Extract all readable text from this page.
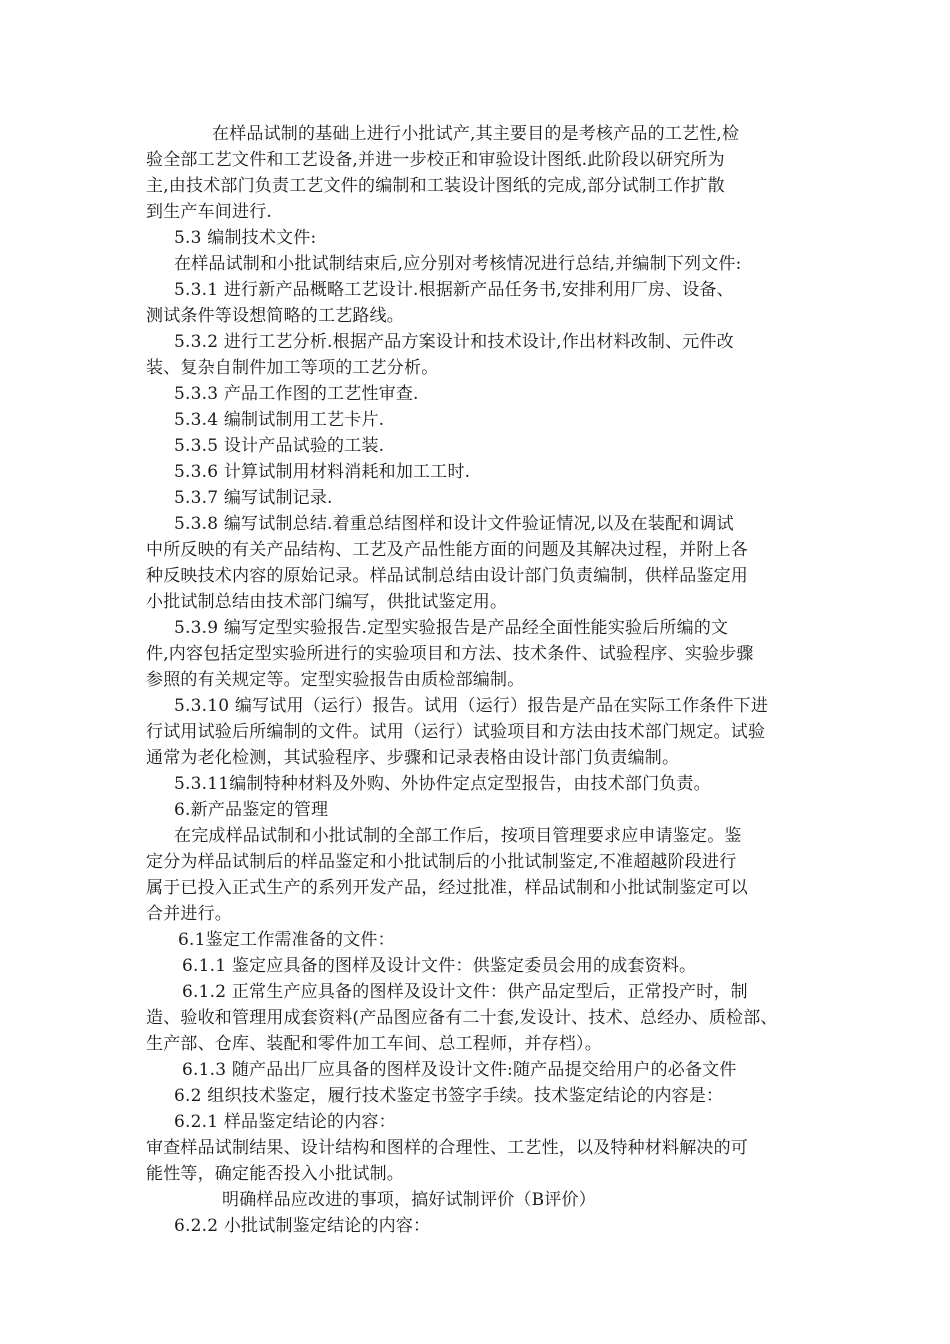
在样品试制的基础上进行小批试产,其主要目的是考核产品的工艺性,检
验全部工艺文件和工艺设备,并进一步校正和审验设计图纸.此阶段以研究所为
主,由技术部门负责工艺文件的编制和工装设计图纸的完成,部分试制工作扩散
到生产车间进行.
5.3 编制技术文件:
在样品试制和小批试制结束后,应分别对考核情况进行总结,并编制下列文件:
5.3.1 进行新产品概略工艺设计.根据新产品任务书,安排利用厂房、设备、
测试条件等设想简略的工艺路线。
5.3.2 进行工艺分析.根据产品方案设计和技术设计,作出材料改制、元件改
装、复杂自制件加工等项的工艺分析。
5.3.3 产品工作图的工艺性审查.
5.3.4 编制试制用工艺卡片.
5.3.5 设计产品试验的工装.
5.3.6 计算试制用材料消耗和加工工时.
5.3.7 编写试制记录.
5.3.8 编写试制总结.着重总结图样和设计文件验证情况,以及在装配和调试
中所反映的有关产品结构、工艺及产品性能方面的问题及其解决过程，并附上各
种反映技术内容的原始记录。样品试制总结由设计部门负责编制，供样品鉴定用
小批试制总结由技术部门编写，供批试鉴定用。
5.3.9 编写定型实验报告.定型实验报告是产品经全面性能实验后所编的文
件,内容包括定型实验所进行的实验项目和方法、技术条件、试验程序、实验步骤
参照的有关规定等。定型实验报告由质检部编制。
5.3.10 编写试用（运行）报告。试用（运行）报告是产品在实际工作条件下进
行试用试验后所编制的文件。试用（运行）试验项目和方法由技术部门规定。试验
通常为老化检测，其试验程序、步骤和记录表格由设计部门负责编制。
5.3.11编制特种材料及外购、外协件定点定型报告，由技术部门负责。
6.新产品鉴定的管理
在完成样品试制和小批试制的全部工作后，按项目管理要求应申请鉴定。鉴
定分为样品试制后的样品鉴定和小批试制后的小批试制鉴定,不准超越阶段进行
属于已投入正式生产的系列开发产品，经过批准，样品试制和小批试制鉴定可以
合并进行。
6.1鉴定工作需准备的文件：
6.1.1 鉴定应具备的图样及设计文件：供鉴定委员会用的成套资料。
6.1.2 正常生产应具备的图样及设计文件：供产品定型后，正常投产时，制
造、验收和管理用成套资料(产品图应备有二十套,发设计、技术、总经办、质检部、
生产部、仓库、装配和零件加工车间、总工程师，并存档）。
6.1.3 随产品出厂应具备的图样及设计文件:随产品提交给用户的必备文件
6.2 组织技术鉴定，履行技术鉴定书签字手续。技术鉴定结论的内容是：
6.2.1 样品鉴定结论的内容：
审查样品试制结果、设计结构和图样的合理性、工艺性，以及特种材料解决的可
能性等，确定能否投入小批试制。
明确样品应改进的事项，搞好试制评价（B评价）
6.2.2 小批试制鉴定结论的内容：
